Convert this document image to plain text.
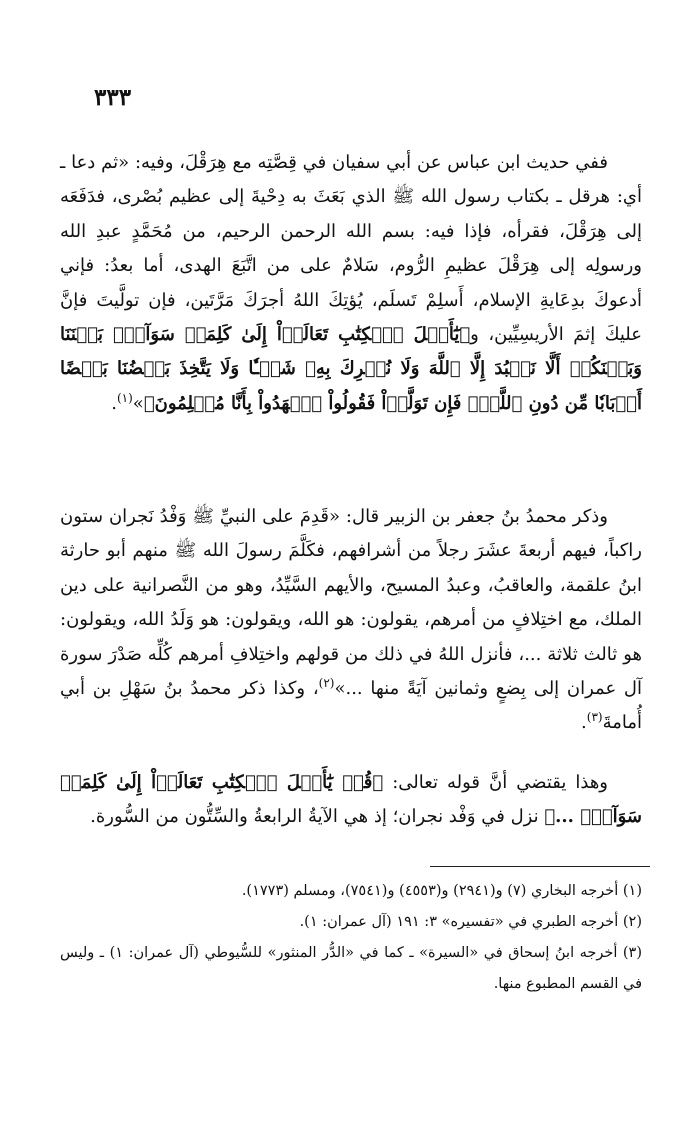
٣٣٣

ففي حديث ابن عباس عن أبي سفيان في قِصَّتِه مع هِرَقْلَ، وفيه: «ثم دعا ـ أي: هرقل ـ بكتاب رسول الله ﷺ الذي بَعَثَ به دِحْيةَ إلى عظيم بُصْرى، فدَفَعَه إلى هِرَقْلَ، فقرأه، فإذا فيه: بسم الله الرحمن الرحيم، من مُحَمَّدٍ عبدِ الله ورسولِه إلى هِرَقْلَ عظيمِ الرُّوم، سَلامٌ على من اتَّبَعَ الهدى، أما بعدُ: فإني أدعوكَ بدِعَايةِ الإسلام، أَسلِمْ تَسلَم، يُؤتِكَ اللهُ أجرَكَ مَرَّتَين، فإن تولَّيتَ فإنَّ عليكَ إثمَ الأريسِيِّين، و﴿يَٰٓأَهۡلَ ٱلۡكِتَٰبِ تَعَالَوۡاْ إِلَىٰ كَلِمَةٖ سَوَآءِۭ بَيۡنَنَا وَبَيۡنَكُمۡ أَلَّا نَعۡبُدَ إِلَّا ٱللَّهَ وَلَا نُشۡرِكَ بِهِۦ شَيۡـٔٗا وَلَا يَتَّخِذَ بَعۡضُنَا بَعۡضًا أَرۡبَابٗا مِّن دُونِ ٱللَّهِۚ فَإِن تَوَلَّوۡاْ فَقُولُواْ ٱشۡهَدُواْ بِأَنَّا مُسۡلِمُونَ﴾»$^{(١)}$.

وذكر محمدُ بنُ جعفر بن الزبير قال: «قَدِمَ على النبيِّ ﷺ وَفْدُ نَجران ستون راكباً، فيهم أربعةَ عشَرَ رجلاً من أشرافهم، فكَلَّمَ رسولَ الله ﷺ منهم أبو حارثة ابنُ علقمة، والعاقبُ، وعبدُ المسيح، والأيهم السَّيِّدُ، وهو من النَّصرانية على دين الملك، مع اختِلافٍ من أمرهم، يقولون: هو الله، ويقولون: هو وَلَدُ الله، ويقولون: هو ثالث ثلاثة ...، فأنزل اللهُ في ذلك من قولهم واختِلافِ أمرهم كُلِّه صَدْرَ سورة آل عمران إلى بِضعٍ وثمانين آيَةً منها ...»$^{(٢)}$، وكذا ذكر محمدُ بنُ سَهْلِ بن أبي أُمامةَ$^{(٣)}$.

وهذا يقتضي أنَّ قوله تعالى: ﴿قُلۡ يَٰٓأَهۡلَ ٱلۡكِتَٰبِ تَعَالَوۡاْ إِلَىٰ كَلِمَةٖ سَوَآءِۭ ...﴾ نزل في وَفْد نجران؛ إذ هي الآيةُ الرابعةُ والسِّتُّون من السُّورة.

(١) أخرجه البخاري (٧) و(٢٩٤١) و(٤٥٥٣) و(٧٥٤١)، ومسلم (١٧٧٣).

(٢) أخرجه الطبري في «تفسيره» ٣: ١٩١ (آل عمران: ١).

(٣) أخرجه ابنُ إسحاق في «السيرة» ـ كما في «الدُّر المنثور» للسُّيوطي (آل عمران: ١) ـ وليس في القسم المطبوع منها.
